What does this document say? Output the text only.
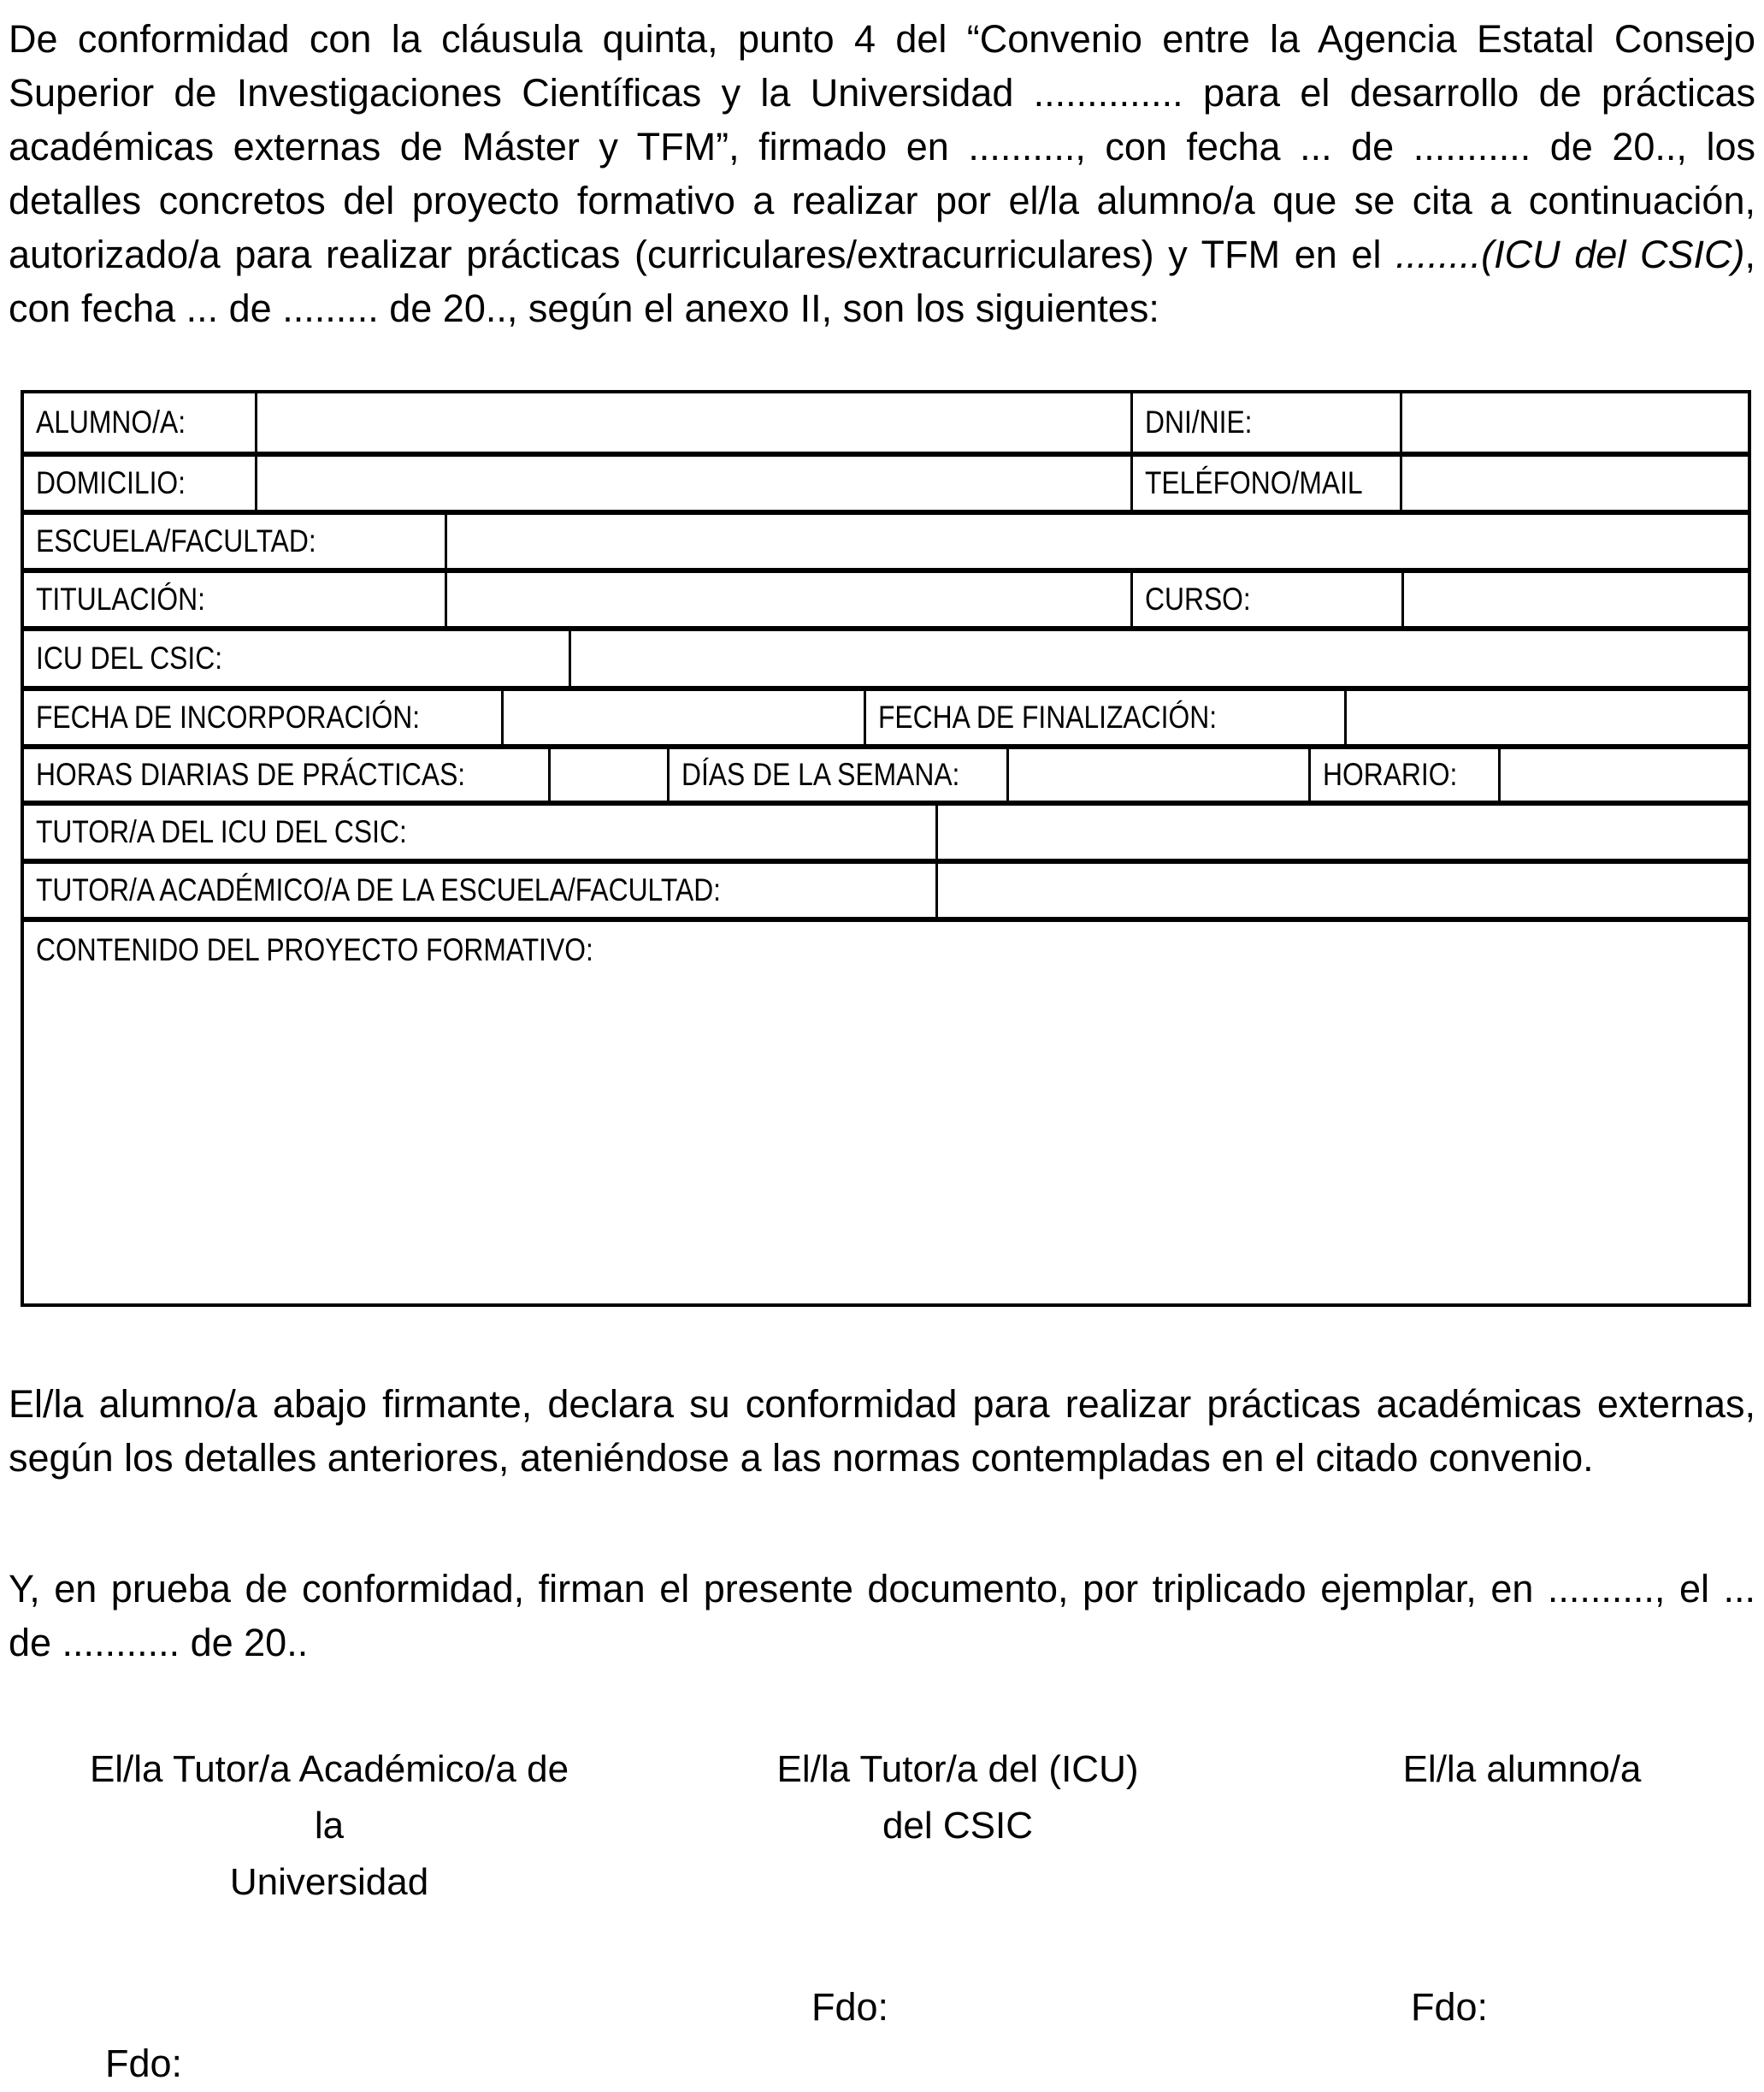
De conformidad con la cláusula quinta, punto 4 del “Convenio entre la Agencia Estatal Consejo Superior de Investigaciones Científicas y la Universidad .............. para el desarrollo de prácticas académicas externas de Máster y TFM”, firmado en .........., con fecha ... de ........... de 20.., los detalles concretos del proyecto formativo a realizar por el/la alumno/a que se cita a continuación, autorizado/a para realizar prácticas (curriculares/extracurriculares) y TFM en el ........(ICU del CSIC), con fecha ... de ......... de 20.., según el anexo II, son los siguientes:

ALUMNO/A:	DNI/NIE:
DOMICILIO:	TELÉFONO/MAIL
ESCUELA/FACULTAD:
TITULACIÓN:	CURSO:
ICU DEL CSIC:
FECHA DE INCORPORACIÓN:	FECHA DE FINALIZACIÓN:
HORAS DIARIAS DE PRÁCTICAS:	DÍAS DE LA SEMANA:	HORARIO:
TUTOR/A DEL ICU DEL CSIC:
TUTOR/A ACADÉMICO/A DE LA ESCUELA/FACULTAD:
CONTENIDO DEL PROYECTO FORMATIVO:

El/la alumno/a abajo firmante, declara su conformidad para realizar prácticas académicas externas, según los detalles anteriores, ateniéndose a las normas contempladas en el citado convenio.

Y, en prueba de conformidad, firman el presente documento, por triplicado ejemplar, en .........., el ... de ........... de 20..

El/la Tutor/a Académico/a de la
Universidad
Fdo:
El/la Tutor/a del (ICU)
del CSIC
Fdo:
El/la alumno/a
Fdo:
